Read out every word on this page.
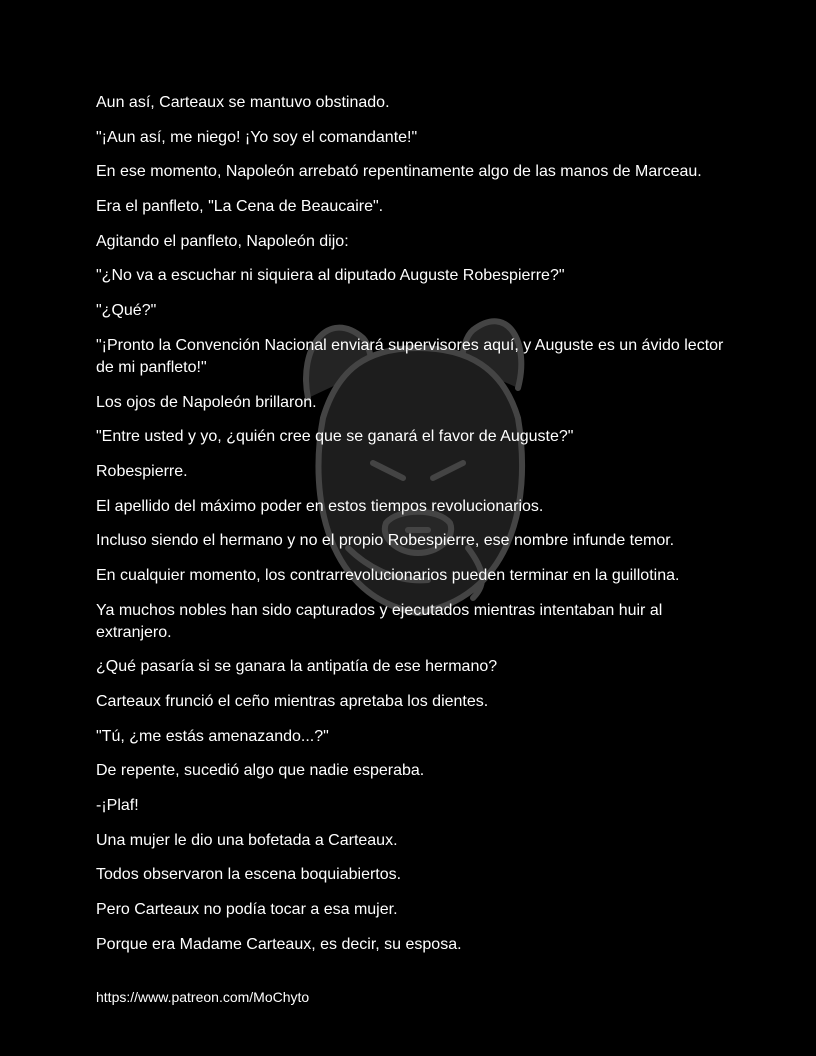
Aun así, Carteaux se mantuvo obstinado.

"¡Aun así, me niego! ¡Yo soy el comandante!"

En ese momento, Napoleón arrebató repentinamente algo de las manos de Marceau.

Era el panfleto, "La Cena de Beaucaire".

Agitando el panfleto, Napoleón dijo:

"¿No va a escuchar ni siquiera al diputado Auguste Robespierre?"

"¿Qué?"

"¡Pronto la Convención Nacional enviará supervisores aquí, y Auguste es un ávido lector de mi panfleto!"

Los ojos de Napoleón brillaron.

"Entre usted y yo, ¿quién cree que se ganará el favor de Auguste?"

Robespierre.

El apellido del máximo poder en estos tiempos revolucionarios.

Incluso siendo el hermano y no el propio Robespierre, ese nombre infunde temor.

En cualquier momento, los contrarrevolucionarios pueden terminar en la guillotina.

Ya muchos nobles han sido capturados y ejecutados mientras intentaban huir al extranjero.

¿Qué pasaría si se ganara la antipatía de ese hermano?

Carteaux frunció el ceño mientras apretaba los dientes.

"Tú, ¿me estás amenazando...?"

De repente, sucedió algo que nadie esperaba.

-¡Plaf!

Una mujer le dio una bofetada a Carteaux.

Todos observaron la escena boquiabiertos.

Pero Carteaux no podía tocar a esa mujer.

Porque era Madame Carteaux, es decir, su esposa.

https://www.patreon.com/MoChyto
